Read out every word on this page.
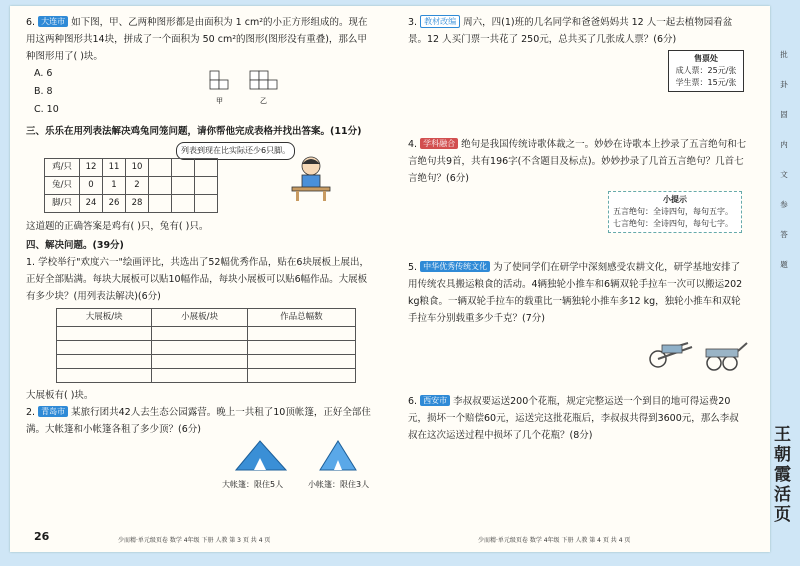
6. 大连市 如下图，甲、乙两种图形都是由面积为 1 cm²的小正方形组成的。现在用这两种图形共14块，拼成了一个面积为 50 cm²的图形(图形没有重叠)，那么甲种图形用了( )块。
A. 6
B. 8
C. 10
甲	乙
三、乐乐在用列表法解决鸡兔同笼问题，请你帮他完成表格并找出答案。(11分)
列表到现在比实际还少6只脚。
鸡/只	12	11	10			
兔/只	0	1	2			
脚/只	24	26	28			
这道题的正确答案是鸡有( )只，兔有( )只。
四、解决问题。(39分)
1. 学校举行"欢度六一"绘画评比，共选出了52幅优秀作品，贴在6块展板上展出，正好全部贴满。每块大展板可以贴10幅作品，每块小展板可以贴6幅作品。大展板有多少块？(用列表法解决)(6分)
大展板/块	小展板/块	作品总幅数

大展板有( )块。
2. 青岛市 某旅行团共42人去生态公园露营。晚上一共租了10顶帐篷，正好全部住满。大帐篷和小帐篷各租了多少顶？(6分)
大帐篷：限住5人	小帐篷：限住3人
26	少而精·单元级页卷 数学 4年级 下册 人教 第 3 页 共 4 页
3. 教材改编 周六，四(1)班的几名同学和爸爸妈妈共 12 人一起去植物园看盆景。12 人买门票一共花了 250元，总共买了几张成人票？(6分)
售票处
成人票：25元/张
学生票：15元/张
4. 学科融合 绝句是我国传统诗歌体裁之一。妙妙在诗歌本上抄录了五言绝句和七言绝句共9首，共有196字(不含题目及标点)。妙妙抄录了几首五言绝句？几首七言绝句？(6分)
小提示
五言绝句：全诗四句，每句五字。
七言绝句：全诗四句，每句七字。
5. 中华优秀传统文化 为了使同学们在研学中深刻感受农耕文化，研学基地安排了用传统农具搬运粮食的活动。4辆独轮小推车和6辆双轮手拉车一次可以搬运202 kg粮食。一辆双轮手拉车的载重比一辆独轮小推车多12 kg，独轮小推车和双轮手拉车分别载重多少千克？(7分)
6. 西安市 李叔叔要运送200个花瓶，规定完整运送一个到目的地可得运费20元，损坏一个赔偿60元，运送完这批花瓶后，李叔叔共得到3600元，那么李叔叔在这次运送过程中损坏了几个花瓶？(8分)
少而精·单元级页卷 数学 4年级 下册 人教 第 4 页 共 4 页
批
卦
固
内
文
参
答
题
王朝霞活页
